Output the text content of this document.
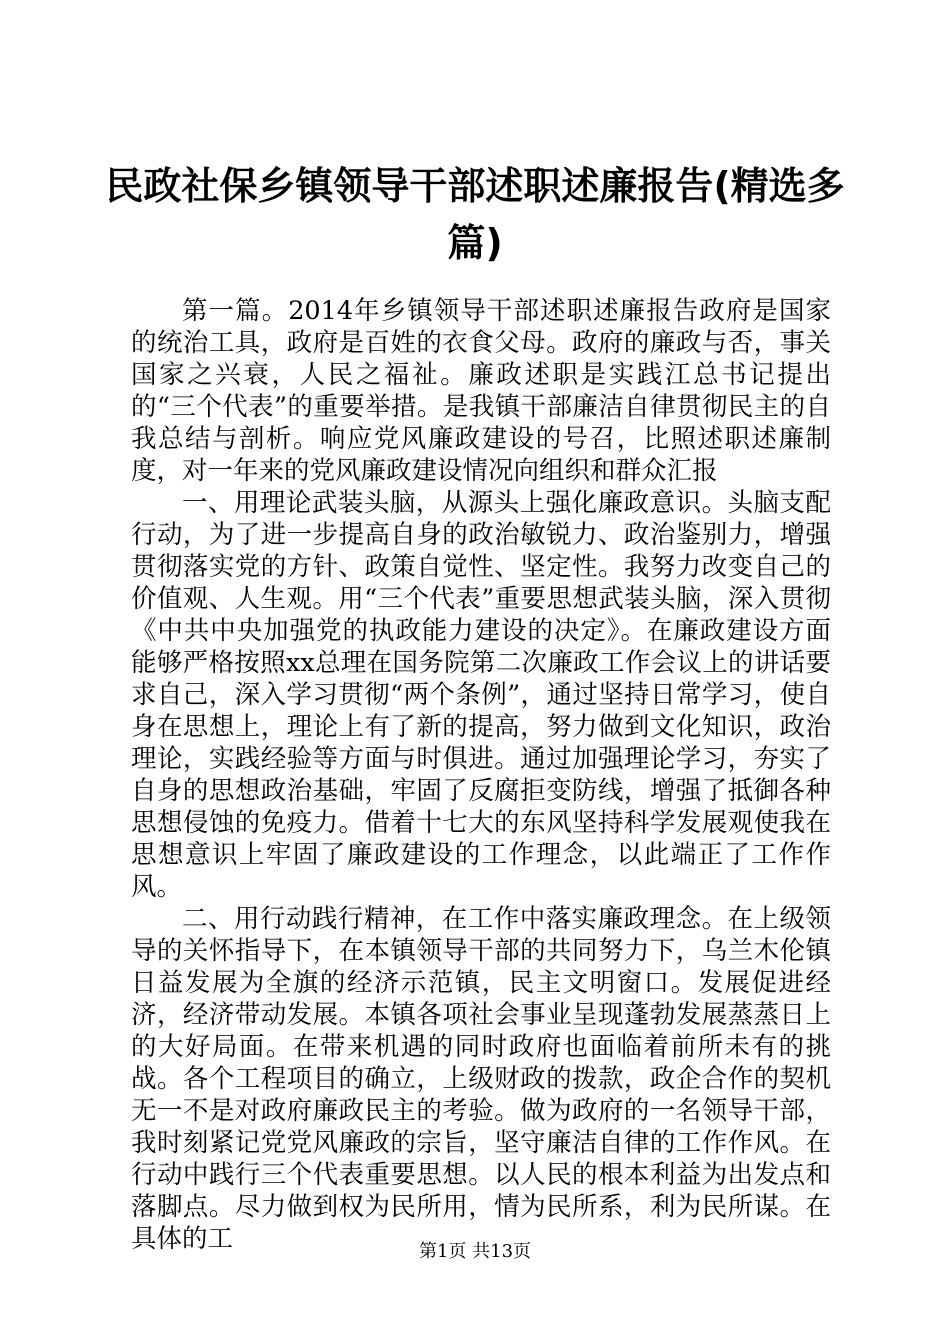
民政社保乡镇领导干部述职述廉报告(精选多
篇)

第一篇。2014年乡镇领导干部述职述廉报告政府是国家的统治工具，政府是百姓的衣食父母。政府的廉政与否，事关国家之兴衰，人民之福祉。廉政述职是实践江总书记提出的“三个代表”的重要举措。是我镇干部廉洁自律贯彻民主的自我总结与剖析。响应党风廉政建设的号召，比照述职述廉制度，对一年来的党风廉政建设情况向组织和群众汇报

一、用理论武装头脑，从源头上强化廉政意识。头脑支配行动，为了进一步提高自身的政治敏锐力、政治鉴别力，增强贯彻落实党的方针、政策自觉性、坚定性。我努力改变自己的价值观、人生观。用“三个代表”重要思想武装头脑，深入贯彻《中共中央加强党的执政能力建设的决定》。在廉政建设方面能够严格按照xx总理在国务院第二次廉政工作会议上的讲话要求自己，深入学习贯彻“两个条例”，通过坚持日常学习，使自身在思想上，理论上有了新的提高，努力做到文化知识，政治理论，实践经验等方面与时俱进。通过加强理论学习，夯实了自身的思想政治基础，牢固了反腐拒变防线，增强了抵御各种思想侵蚀的免疫力。借着十七大的东风坚持科学发展观使我在思想意识上牢固了廉政建设的工作理念，以此端正了工作作风。

二、用行动践行精神，在工作中落实廉政理念。在上级领导的关怀指导下，在本镇领导干部的共同努力下，乌兰木伦镇日益发展为全旗的经济示范镇，民主文明窗口。发展促进经济，经济带动发展。本镇各项社会事业呈现蓬勃发展蒸蒸日上的大好局面。在带来机遇的同时政府也面临着前所未有的挑战。各个工程项目的确立，上级财政的拨款，政企合作的契机无一不是对政府廉政民主的考验。做为政府的一名领导干部，我时刻紧记党党风廉政的宗旨，坚守廉洁自律的工作作风。在行动中践行三个代表重要思想。以人民的根本利益为出发点和落脚点。尽力做到权为民所用，情为民所系，利为民所谋。在具体的工	第1页 共13页
